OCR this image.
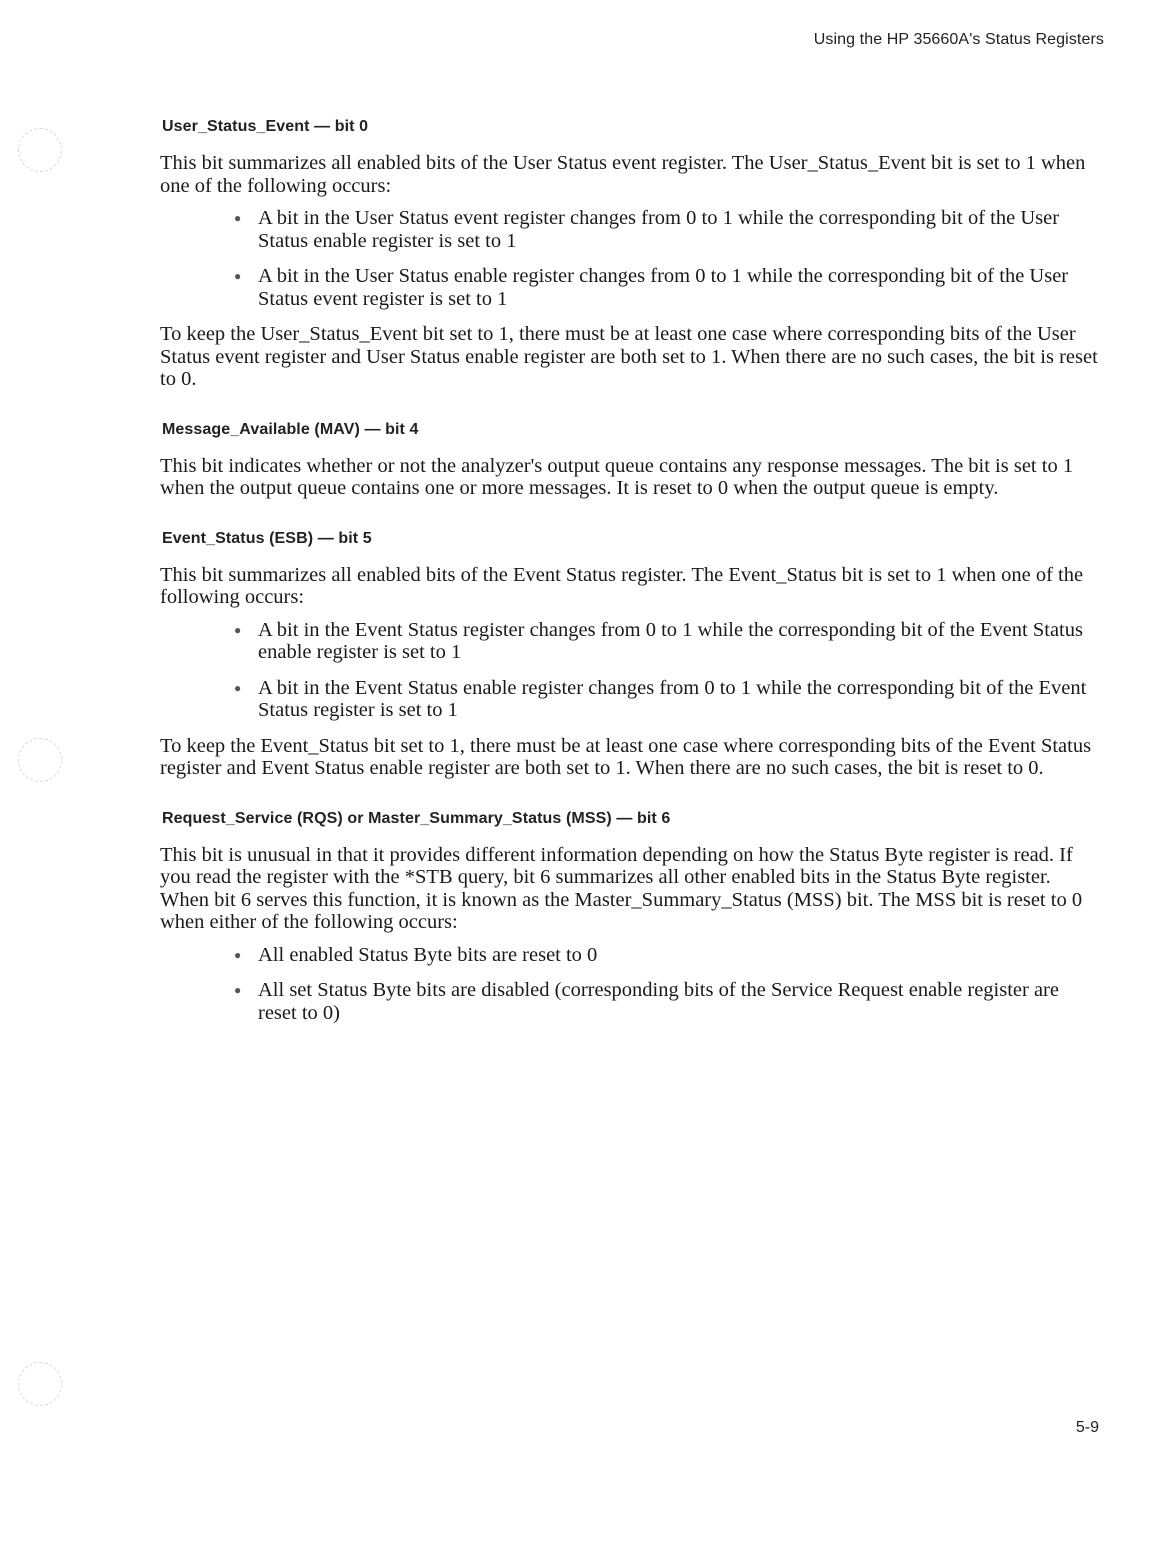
Using the HP 35660A's Status Registers
User_Status_Event — bit 0

This bit summarizes all enabled bits of the User Status event register. The User_Status_Event bit is set to 1 when one of the following occurs:

● A bit in the User Status event register changes from 0 to 1 while the corresponding bit of the User Status enable register is set to 1
● A bit in the User Status enable register changes from 0 to 1 while the corresponding bit of the User Status event register is set to 1

To keep the User_Status_Event bit set to 1, there must be at least one case where corresponding bits of the User Status event register and User Status enable register are both set to 1. When there are no such cases, the bit is reset to 0.

Message_Available (MAV) — bit 4

This bit indicates whether or not the analyzer's output queue contains any response messages. The bit is set to 1 when the output queue contains one or more messages. It is reset to 0 when the output queue is empty.

Event_Status (ESB) — bit 5

This bit summarizes all enabled bits of the Event Status register. The Event_Status bit is set to 1 when one of the following occurs:

● A bit in the Event Status register changes from 0 to 1 while the corresponding bit of the Event Status enable register is set to 1
● A bit in the Event Status enable register changes from 0 to 1 while the corresponding bit of the Event Status register is set to 1

To keep the Event_Status bit set to 1, there must be at least one case where corresponding bits of the Event Status register and Event Status enable register are both set to 1. When there are no such cases, the bit is reset to 0.

Request_Service (RQS) or Master_Summary_Status (MSS) — bit 6

This bit is unusual in that it provides different information depending on how the Status Byte register is read. If you read the register with the *STB query, bit 6 summarizes all other enabled bits in the Status Byte register. When bit 6 serves this function, it is known as the Master_Summary_Status (MSS) bit. The MSS bit is reset to 0 when either of the following occurs:

● All enabled Status Byte bits are reset to 0
● All set Status Byte bits are disabled (corresponding bits of the Service Request enable register are reset to 0)
5-9
